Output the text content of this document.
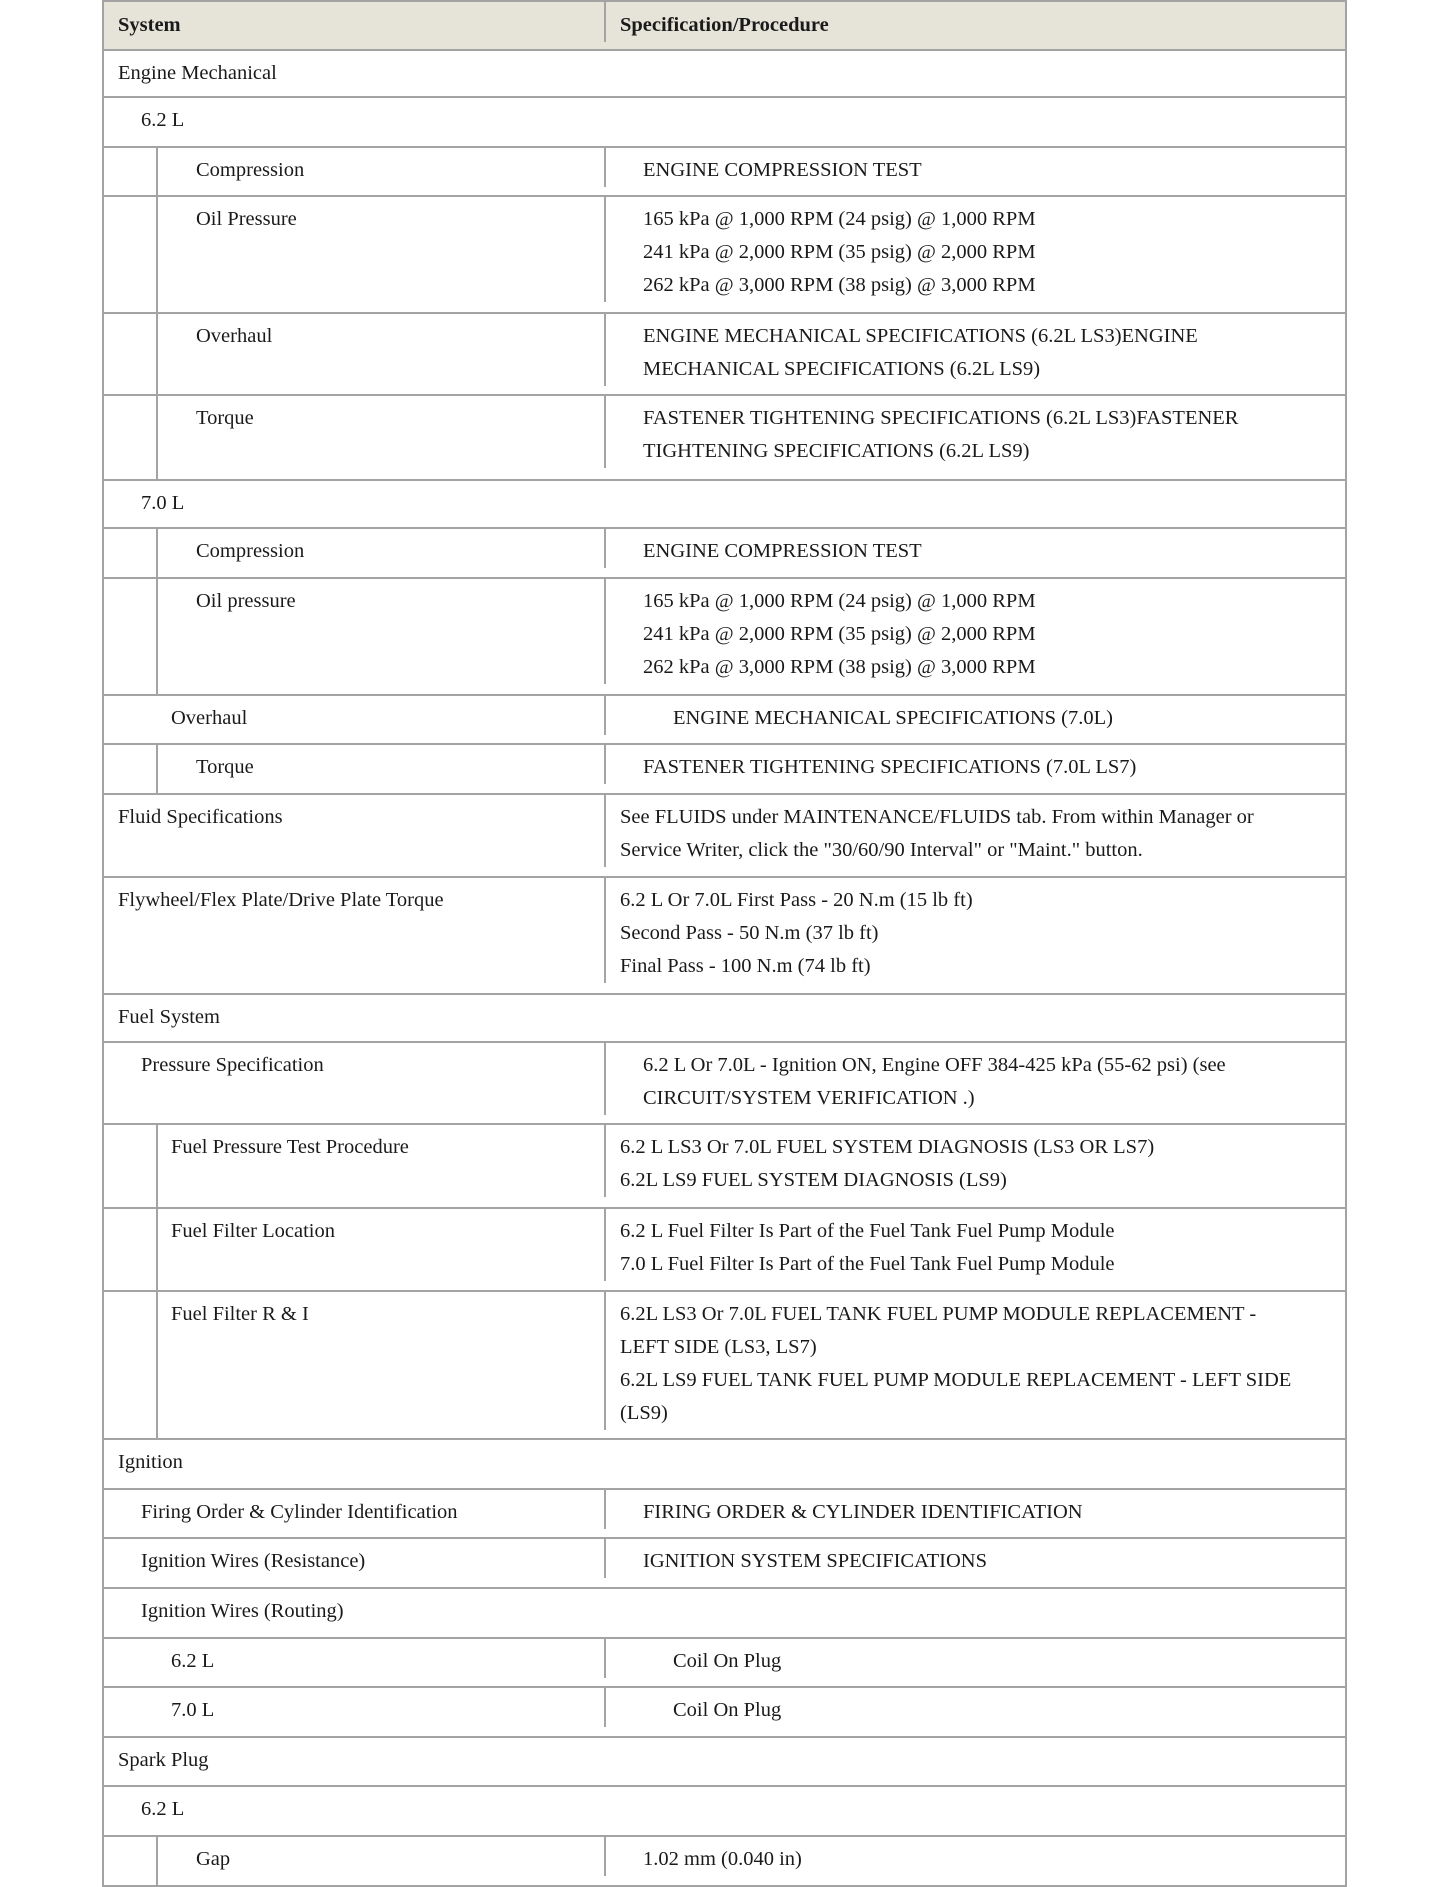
System	Specification/Procedure
Engine Mechanical
6.2 L
Compression	ENGINE COMPRESSION TEST
Oil Pressure	165 kPa @ 1,000 RPM (24 psig) @ 1,000 RPM
241 kPa @ 2,000 RPM (35 psig) @ 2,000 RPM
262 kPa @ 3,000 RPM (38 psig) @ 3,000 RPM
Overhaul	ENGINE MECHANICAL SPECIFICATIONS (6.2L LS3)ENGINE
MECHANICAL SPECIFICATIONS (6.2L LS9)
Torque	FASTENER TIGHTENING SPECIFICATIONS (6.2L LS3)FASTENER
TIGHTENING SPECIFICATIONS (6.2L LS9)
7.0 L
Compression	ENGINE COMPRESSION TEST
Oil pressure	165 kPa @ 1,000 RPM (24 psig) @ 1,000 RPM
241 kPa @ 2,000 RPM (35 psig) @ 2,000 RPM
262 kPa @ 3,000 RPM (38 psig) @ 3,000 RPM
Overhaul	ENGINE MECHANICAL SPECIFICATIONS (7.0L)
Torque	FASTENER TIGHTENING SPECIFICATIONS (7.0L LS7)
Fluid Specifications	See FLUIDS under MAINTENANCE/FLUIDS tab. From within Manager or
Service Writer, click the "30/60/90 Interval" or "Maint." button.
Flywheel/Flex Plate/Drive Plate Torque	6.2 L Or 7.0L First Pass - 20 N.m (15 lb ft)
Second Pass - 50 N.m (37 lb ft)
Final Pass - 100 N.m (74 lb ft)
Fuel System
Pressure Specification	6.2 L Or 7.0L - Ignition ON, Engine OFF 384-425 kPa (55-62 psi) (see
CIRCUIT/SYSTEM VERIFICATION .)
Fuel Pressure Test Procedure	6.2 L LS3 Or 7.0L FUEL SYSTEM DIAGNOSIS (LS3 OR LS7)
6.2L LS9 FUEL SYSTEM DIAGNOSIS (LS9)
Fuel Filter Location	6.2 L Fuel Filter Is Part of the Fuel Tank Fuel Pump Module
7.0 L Fuel Filter Is Part of the Fuel Tank Fuel Pump Module
Fuel Filter R & I	6.2L LS3 Or 7.0L FUEL TANK FUEL PUMP MODULE REPLACEMENT -
LEFT SIDE (LS3, LS7)
6.2L LS9 FUEL TANK FUEL PUMP MODULE REPLACEMENT - LEFT SIDE
(LS9)
Ignition
Firing Order & Cylinder Identification	FIRING ORDER & CYLINDER IDENTIFICATION
Ignition Wires (Resistance)	IGNITION SYSTEM SPECIFICATIONS
Ignition Wires (Routing)
6.2 L	Coil On Plug
7.0 L	Coil On Plug
Spark Plug
6.2 L
Gap	1.02 mm (0.040 in)
